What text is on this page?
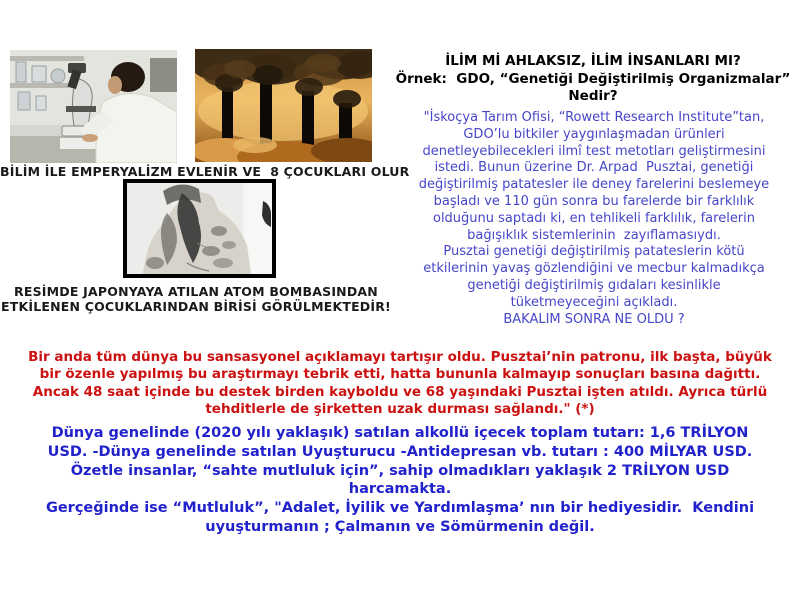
BİLİM İLE EMPERYALİZM EVLENİR VE  8 ÇOCUKLARI OLUR
RESİMDE JAPONYAYA ATILAN ATOM BOMBASINDAN
ETKİLENEN ÇOCUKLARINDAN BİRİSİ GÖRÜLMEKTEDİR!
İLİM Mİ AHLAKSIZ, İLİM İNSANLARI MI?
Örnek:  GDO, “Genetiği Değiştirilmiş Organizmalar”
Nedir?
"İskoçya Tarım Ofisi, “Rowett Research Institute”tan,
GDO’lu bitkiler yaygınlaşmadan ürünleri
denetleyebilecekleri ilmî test metotları geliştirmesini
istedi. Bunun üzerine Dr. Arpad  Pusztai, genetiği
değiştirilmiş patatesler ile deney farelerini beslemeye
başladı ve 110 gün sonra bu farelerde bir farklılık
olduğunu saptadı ki, en tehlikeli farklılık, farelerin
bağışıklık sistemlerinin  zayıflamasıydı.
Pusztai genetiği değiştirilmiş patateslerin kötü
etkilerinin yavaş gözlendiğini ve mecbur kalmadıkça
genetiği değiştirilmiş gıdaları kesinlikle
tüketmeyeceğini açıkladı.
BAKALIM SONRA NE OLDU ?
Bir anda tüm dünya bu sansasyonel açıklamayı tartışır oldu. Pusztai’nin patronu, ilk başta, büyük
bir özenle yapılmış bu araştırmayı tebrik etti, hatta bununla kalmayıp sonuçları basına dağıttı.
Ancak 48 saat içinde bu destek birden kayboldu ve 68 yaşındaki Pusztai işten atıldı. Ayrıca türlü
tehditlerle de şirketten uzak durması sağlandı." (*)
Dünya genelinde (2020 yılı yaklaşık) satılan alkollü içecek toplam tutarı: 1,6 TRİLYON
USD. -Dünya genelinde satılan Uyuşturucu -Antidepresan vb. tutarı : 400 MİLYAR USD.
Özetle insanlar, “sahte mutluluk için”, sahip olmadıkları yaklaşık 2 TRİLYON USD
harcamakta.
Gerçeğinde ise “Mutluluk”, "Adalet, İyilik ve Yardımlaşma’ nın bir hediyesidir.  Kendini
uyuşturmanın ; Çalmanın ve Sömürmenin değil.
